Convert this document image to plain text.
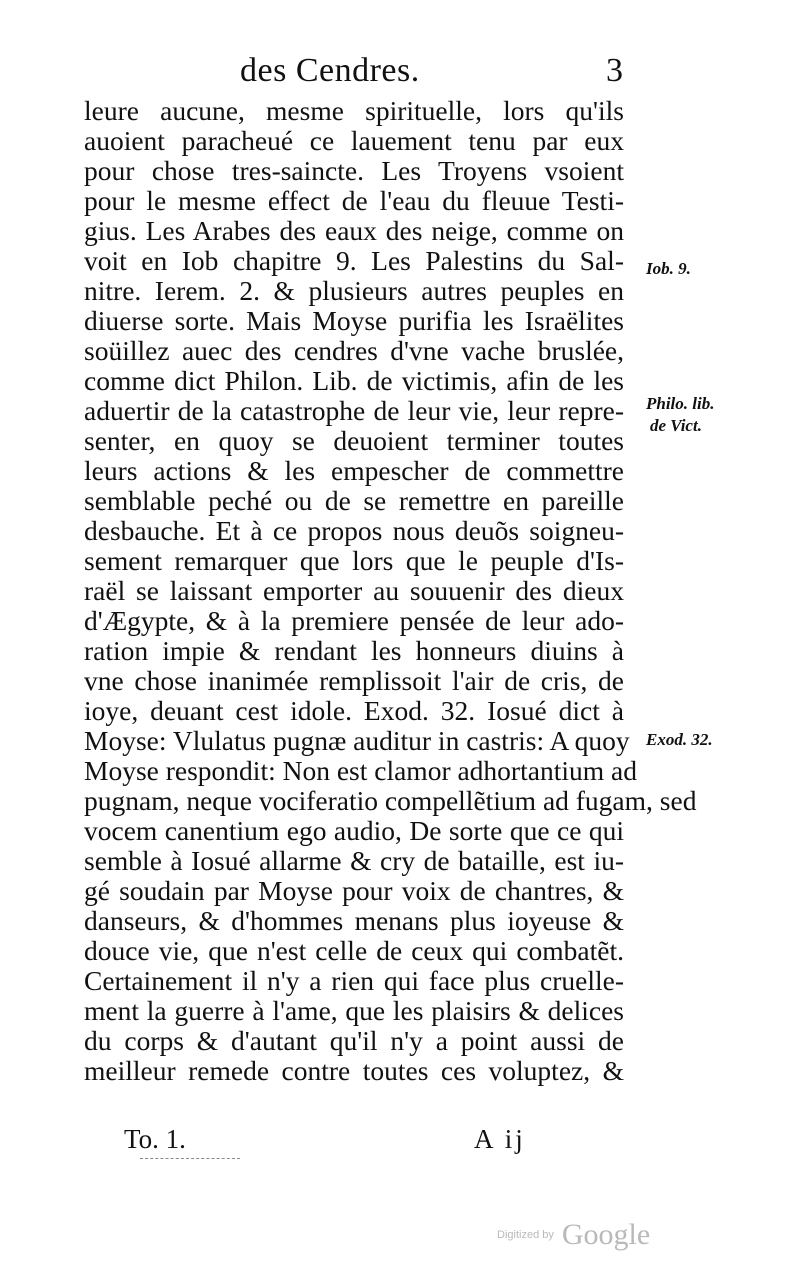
des Cendres.	3
leure aucune, mesme spirituelle, lors qu'ils
auoient paracheué ce lauement tenu par eux
pour chose tres-saincte. Les Troyens vsoient
pour le mesme effect de l'eau du fleuue Testi-
gius. Les Arabes des eaux des neige, comme on
voit en Iob chapitre 9. Les Palestins du Sal-
nitre. Ierem. 2. & plusieurs autres peuples en
diuerse sorte. Mais Moyse purifia les Israëlites
soüillez auec des cendres d'vne vache bruslée,
comme dict Philon. Lib. de victimis, afin de les
aduertir de la catastrophe de leur vie, leur repre-
senter, en quoy se deuoient terminer toutes
leurs actions & les empescher de commettre
semblable peché ou de se remettre en pareille
desbauche. Et à ce propos nous deuõs soigneu-
sement remarquer que lors que le peuple d'Is-
raël se laissant emporter au souuenir des dieux
d'Ægypte, & à la premiere pensée de leur ado-
ration impie & rendant les honneurs diuins à
vne chose inanimée remplissoit l'air de cris, de
ioye, deuant cest idole. Exod. 32. Iosué dict à
Moyse: Vlulatus pugnæ auditur in castris: A quoy
Moyse respondit: Non est clamor adhortantium ad
pugnam, neque vociferatio compellẽtium ad fugam, sed
vocem canentium ego audio, De sorte que ce qui
semble à Iosué allarme & cry de bataille, est iu-
gé soudain par Moyse pour voix de chantres, &
danseurs, & d'hommes menans plus ioyeuse &
douce vie, que n'est celle de ceux qui combatẽt.
Certainement il n'y a rien qui face plus cruelle-
ment la guerre à l'ame, que les plaisirs & delices
du corps & d'autant qu'il n'y a point aussi de
meilleur remede contre toutes ces voluptez, &
Iob. 9.
Philo. lib.
de Vict.
Exod. 32.
To. 1.	A ij
Digitized by Google
